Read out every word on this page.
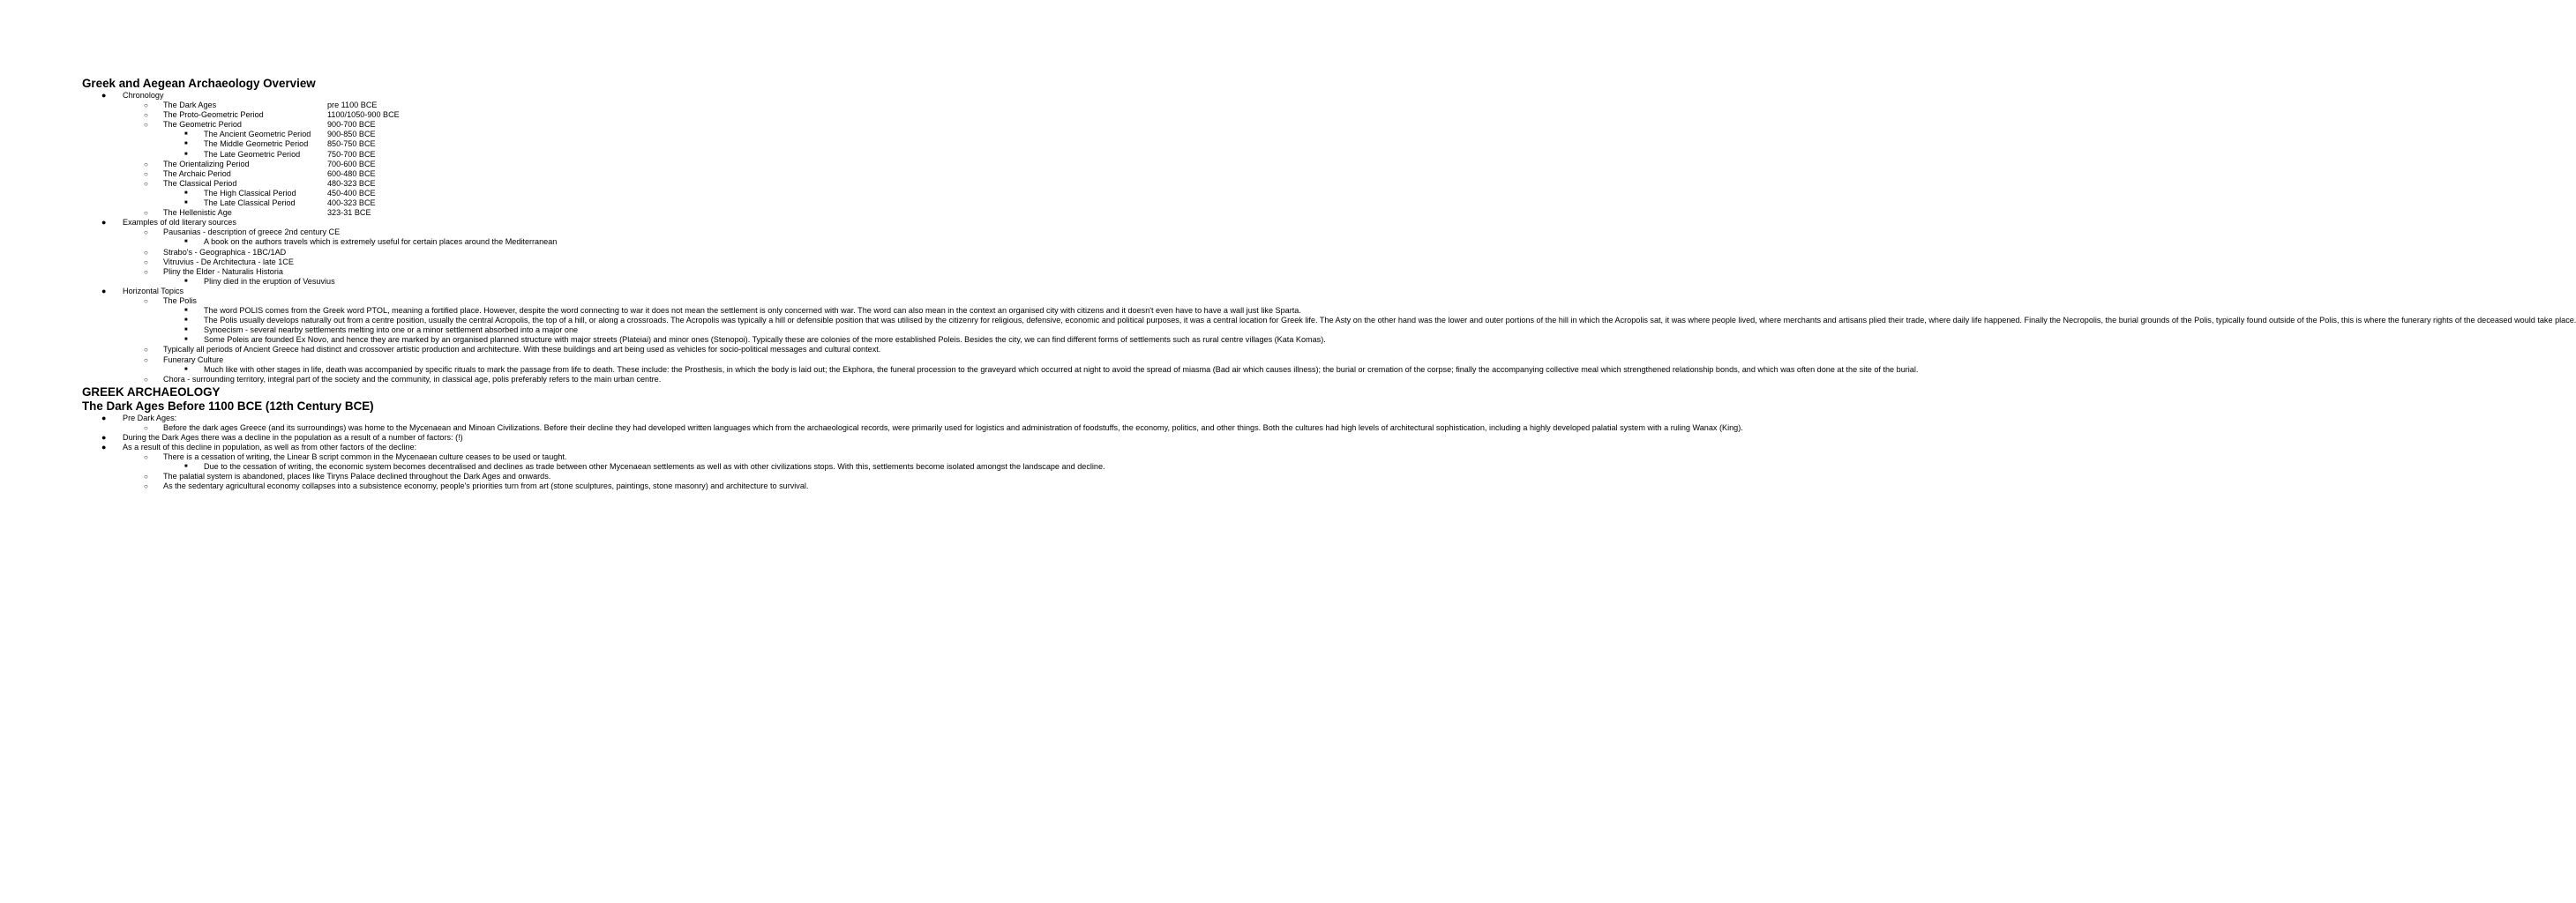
Greek and Aegean Archaeology Overview
● Chronology
○ The Dark Ages	pre 1100 BCE
○ The Proto-Geometric Period	1100/1050-900 BCE
○ The Geometric Period	900-700 BCE
■ The Ancient Geometric Period 900-850 BCE
■ The Middle Geometric Period 850-750 BCE
■ The Late Geometric Period	750-700 BCE
○ The Orientalizing Period	700-600 BCE
○ The Archaic Period	600-480 BCE
○ The Classical Period	480-323 BCE
■ The High Classical Period	450-400 BCE
■ The Late Classical Period	400-323 BCE
○ The Hellenistic Age	323-31 BCE
● Examples of old literary sources
○ Pausanias - description of greece 2nd century CE
■ A book on the authors travels which is extremely useful for certain places around the Mediterranean
○ Strabo's - Geographica - 1BC/1AD
○ Vitruvius - De Architectura - late 1CE
○ Pliny the Elder - Naturalis Historia
■ Pliny died in the eruption of Vesuvius
● Horizontal Topics
○ The Polis
■ The word POLIS comes from the Greek word PTOL, meaning a fortified place. However, despite the word connecting to war it does not mean the settlement is only concerned with war. The word can also mean in the context an organised city with citizens and it doesn't even have to have a wall just like Sparta.
■ The Polis usually develops naturally out from a centre position, usually the central Acropolis, the top of a hill, or along a crossroads. The Acropolis was typically a hill or defensible position that was utilised by the citizenry for religious, defensive, economic and political purposes, it was a central location for Greek life. The Asty on the other hand was the lower and outer portions of the hill in which the Acropolis sat, it was where people lived, where merchants and artisans plied their trade, where daily life happened. Finally the Necropolis, the burial grounds of the Polis, typically found outside of the Polis, this is where the funerary rights of the deceased would take place.
■ Synoecism - several nearby settlements melting into one or a minor settlement absorbed into a major one
■ Some Poleis are founded Ex Novo, and hence they are marked by an organised planned structure with major streets (Plateiai) and minor ones (Stenopoi). Typically these are colonies of the more established Poleis. Besides the city, we can find different forms of settlements such as rural centre villages (Kata Komas).
○ Typically all periods of Ancient Greece had distinct and crossover artistic production and architecture. With these buildings and art being used as vehicles for socio-political messages and cultural context.
○ Funerary Culture
■ Much like with other stages in life, death was accompanied by specific rituals to mark the passage from life to death. These include: the Prosthesis, in which the body is laid out; the Ekphora, the funeral procession to the graveyard which occurred at night to avoid the spread of miasma (Bad air which causes illness); the burial or cremation of the corpse; finally the accompanying collective meal which strengthened relationship bonds, and which was often done at the site of the burial.
○ Chora - surrounding territory, integral part of the society and the community, in classical age, polis preferably refers to the main urban centre.
GREEK ARCHAEOLOGY
The Dark Ages Before 1100 BCE (12th Century BCE)
● Pre Dark Ages:
○ Before the dark ages Greece (and its surroundings) was home to the Mycenaean and Minoan Civilizations. Before their decline they had developed written languages which from the archaeological records, were primarily used for logistics and administration of foodstuffs, the economy, politics, and other things. Both the cultures had high levels of architectural sophistication, including a highly developed palatial system with a ruling Wanax (King).
● During the Dark Ages there was a decline in the population as a result of a number of factors: (!)
● As a result of this decline in population, as well as from other factors of the decline:
○ There is a cessation of writing, the Linear B script common in the Mycenaean culture ceases to be used or taught.
■ Due to the cessation of writing, the economic system becomes decentralised and declines as trade between other Mycenaean settlements as well as with other civilizations stops. With this, settlements become isolated amongst the landscape and decline.
○ The palatial system is abandoned, places like Tiryns Palace declined throughout the Dark Ages and onwards.
○ As the sedentary agricultural economy collapses into a subsistence economy, people's priorities turn from art (stone sculptures, paintings, stone masonry) and architecture to survival.
